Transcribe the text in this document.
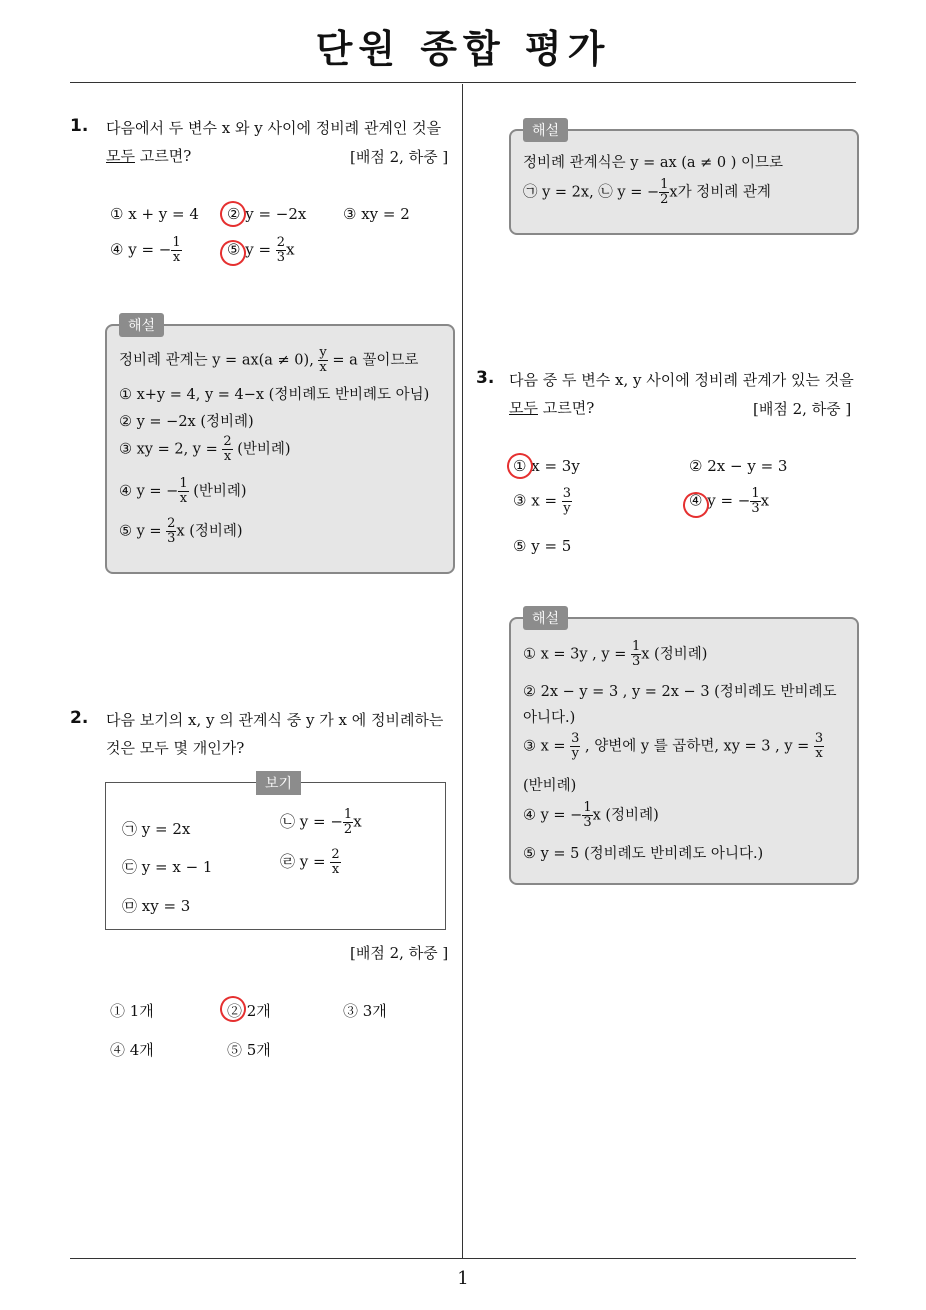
단원 종합 평가
1
1. 다음에서 두 변수 x 와 y 사이에 정비례 관계인 것을
모두 고르면?	[배점 2, 하중 ]
① x + y = 4 ② y = −2x ③ xy = 2
④ y = − $\frac{1}{x}$	⑤ $y = \frac{2}{3}$ x
해설
정비례 관계는 y = ax(a ≠ 0), $\frac{y}{x} = a$ 꼴이므로
① x+y = 4, y = 4−x (정비례도 반비례도 아님)
② y = −2x (정비례)
③ xy = 2, $y = \frac{2}{x}$ (반비례)
④ y = − $\frac{1}{x}$ (반비례)
⑤ $y = \frac{2}{3}$ x (정비례)
해설
정비례 관계식은 y = ax (a ≠ 0 ) 이므로
㉠ y = 2x, ㉡ y = − $\frac{1}{2}$ x가 정비례 관계
2. 다음 보기의 x, y 의 관계식 중 y 가 x 에 정비례하는
것은 모두 몇 개인가?
보기
㉠ y = 2x	㉡ y = − $\frac{1}{2}$ x
㉢ y = x − 1	㉣ $y = \frac{2}{x}$
㉤ xy = 3
[배점 2, 하중 ]
① 1개	② 2개	③ 3개
④ 4개	⑤ 5개
3. 다음 중 두 변수 x, y 사이에 정비례 관계가 있는 것을
모두 고르면?	[배점 2, 하중 ]
① x = 3y	② 2x − y = 3
③ $x = \frac{3}{y}$	④ y = − $\frac{1}{3}$ x
⑤ y = 5
해설
① x = 3y , $y = \frac{1}{3}$ x (정비례)
② 2x − y = 3 , y = 2x − 3 (정비례도 반비례도
아니다.)
③ $x = \frac{3}{y}$ , 양변에 y 를 곱하면, xy = 3 , $y = \frac{3}{x}$
(반비례)
④ y = − $\frac{1}{3}$ x (정비례)
⑤ y = 5 (정비례도 반비례도 아니다.)
